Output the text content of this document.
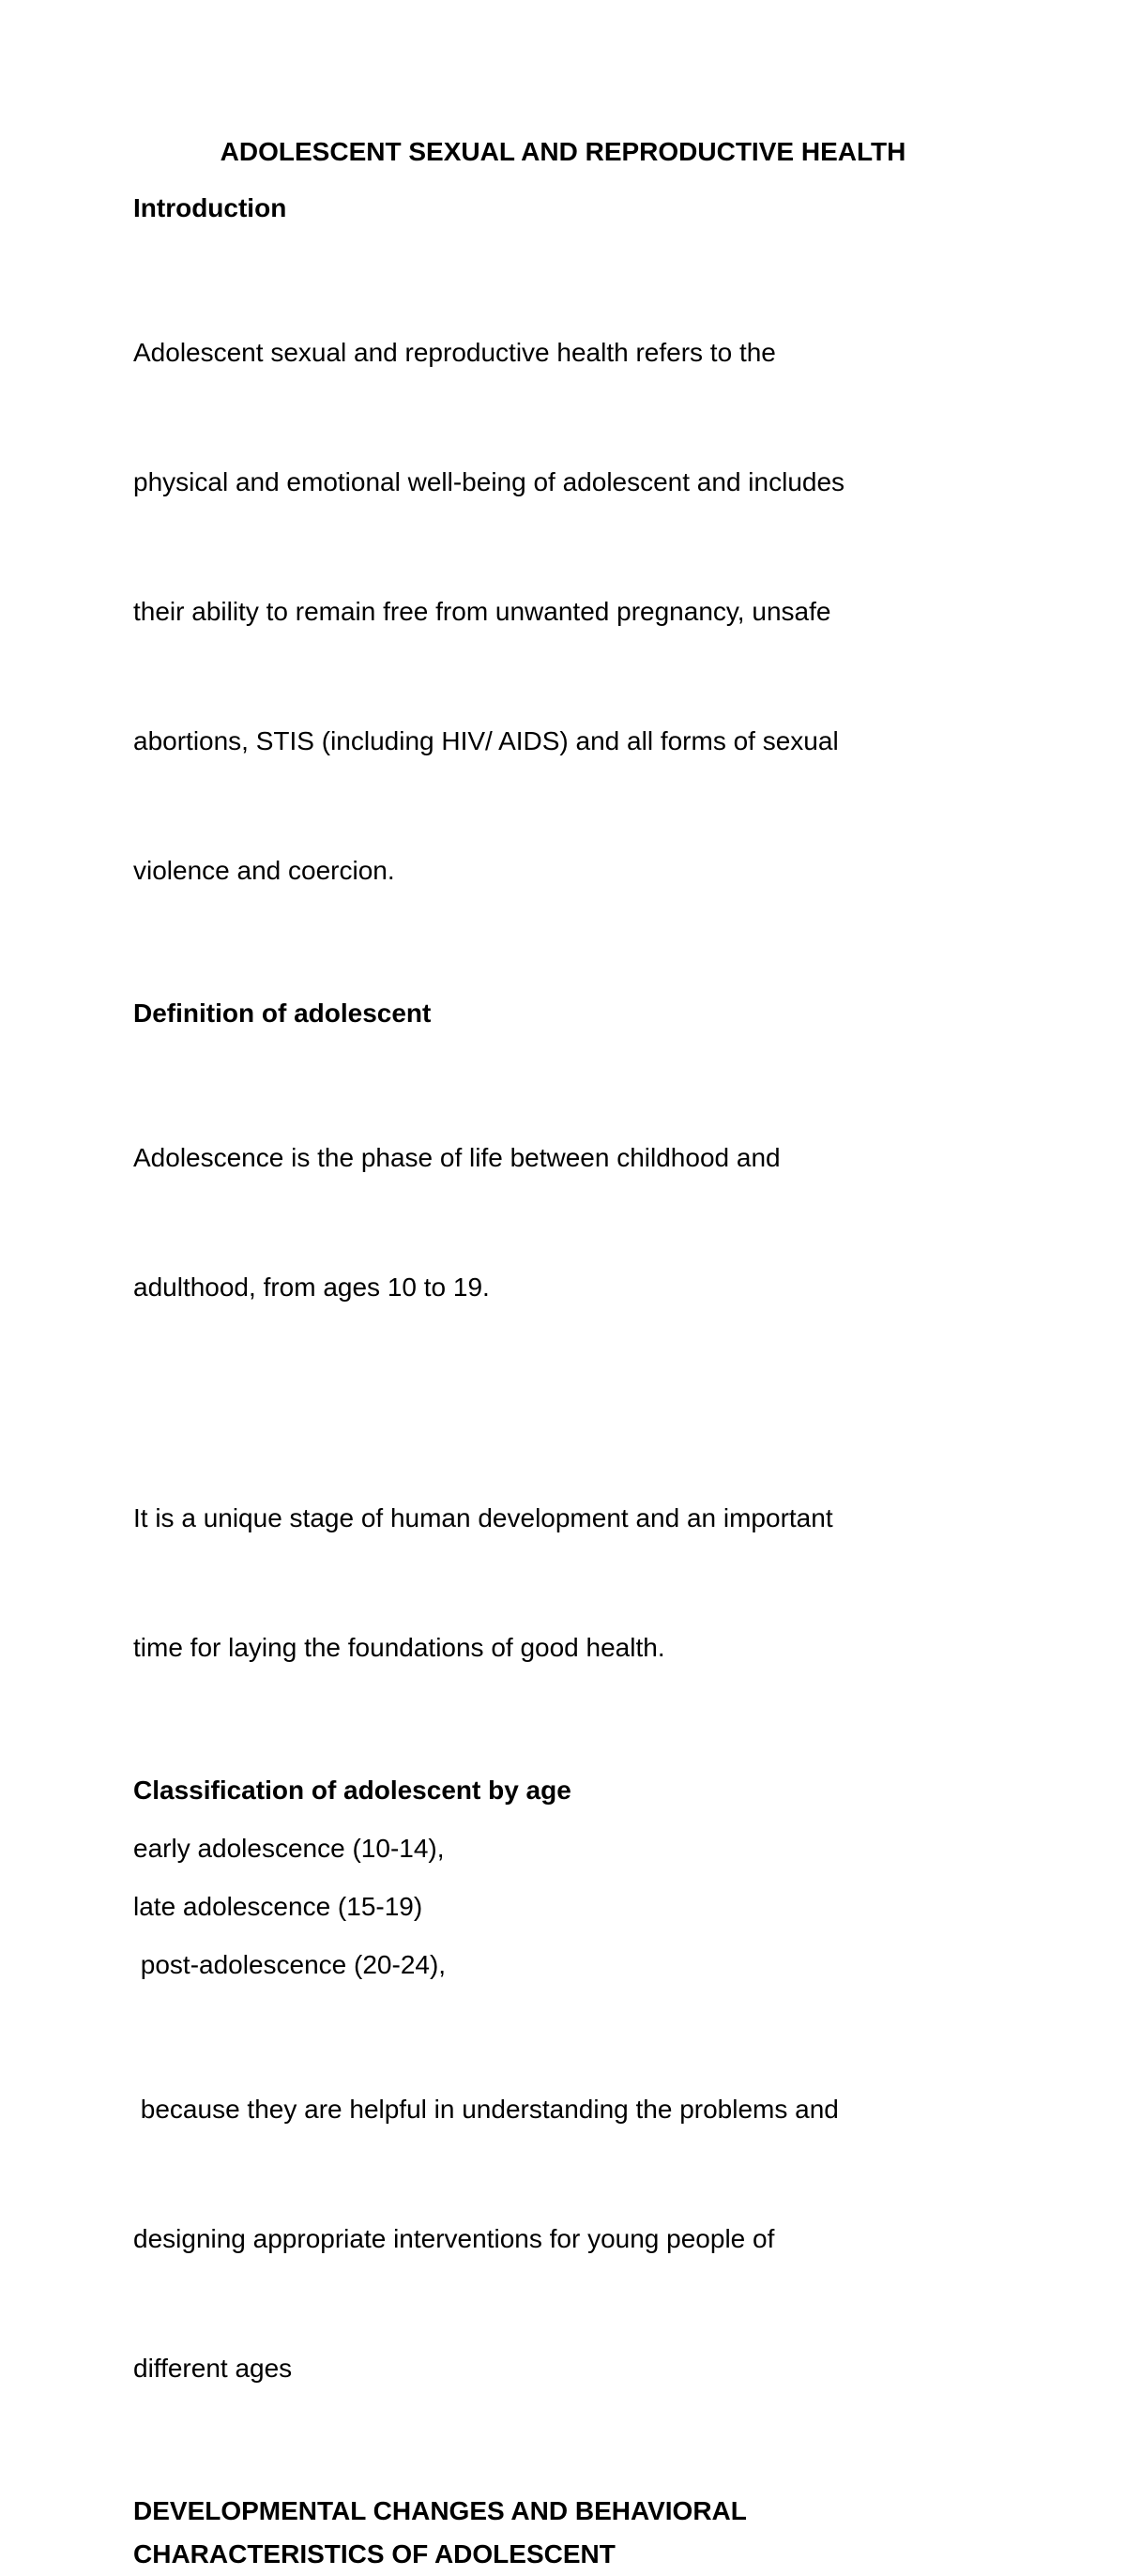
ADOLESCENT SEXUAL AND REPRODUCTIVE HEALTH

Introduction

Adolescent sexual and reproductive health refers to the

physical and emotional well-being of adolescent and includes

their ability to remain free from unwanted pregnancy, unsafe

abortions, STIS (including HIV/ AIDS) and all forms of sexual

violence and coercion.

Definition of adolescent

Adolescence is the phase of life between childhood and

adulthood, from ages 10 to 19.

It is a unique stage of human development and an important

time for laying the foundations of good health.

Classification of adolescent by age

early adolescence (10-14),

late adolescence (15-19)

post-adolescence (20-24),

because they are helpful in understanding the problems and

designing appropriate interventions for young people of

different ages

DEVELOPMENTAL CHANGES AND BEHAVIORAL
CHARACTERISTICS OF ADOLESCENT
